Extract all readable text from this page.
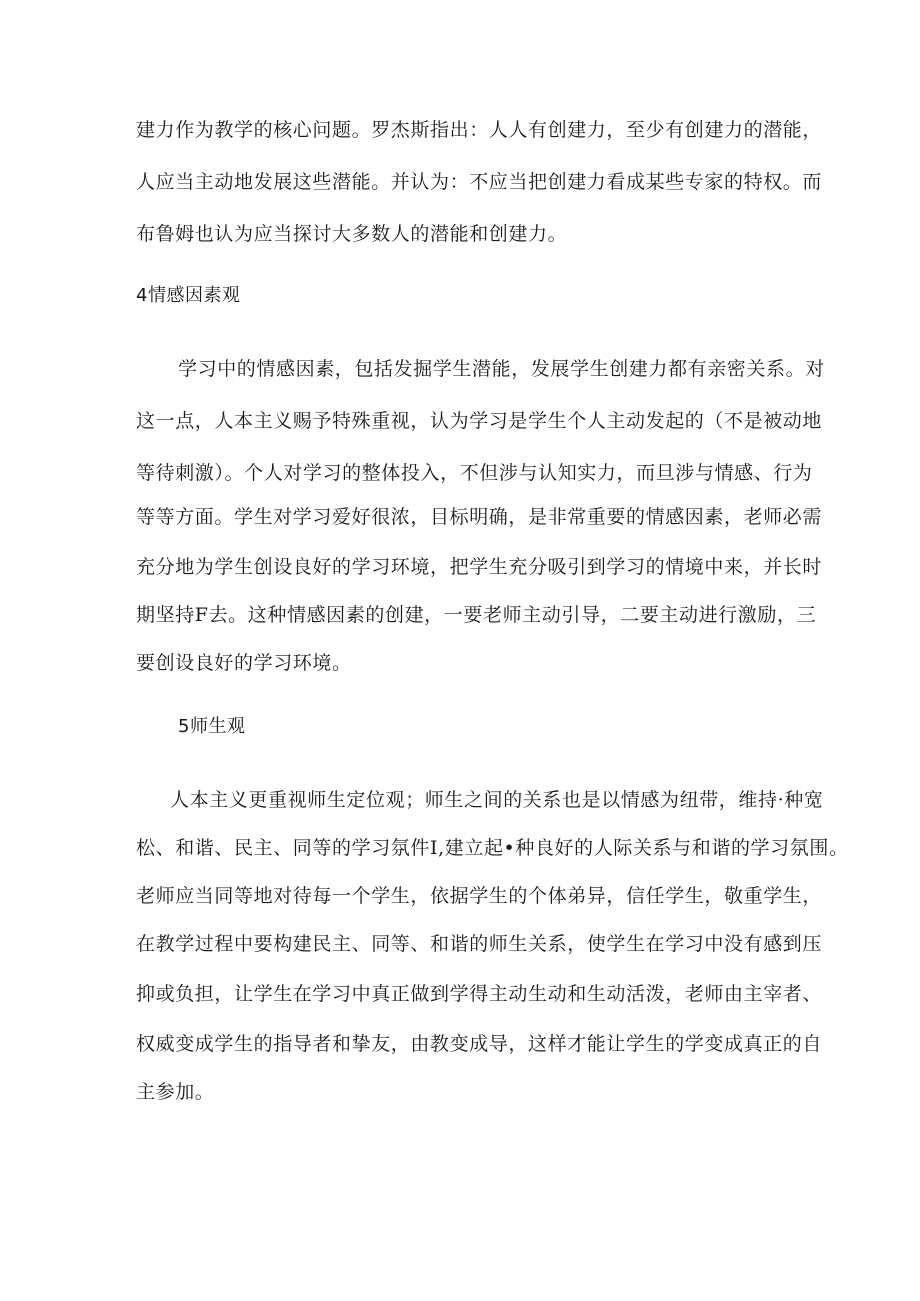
建力作为教学的核心问题。罗杰斯指出：人人有创建力，至少有创建力的潜能，
人应当主动地发展这些潜能。并认为：不应当把创建力看成某些专家的特权。而
布鲁姆也认为应当探讨大多数人的潜能和创建力。
4情感因素观
学习中的情感因素，包括发掘学生潜能，发展学生创建力都有亲密关系。对
这一点，人本主义赐予特殊重视，认为学习是学生个人主动发起的（不是被动地
等待刺激）。个人对学习的整体投入，不但涉与认知实力，而旦涉与情感、行为
等等方面。学生对学习爱好很浓，目标明确，是非常重要的情感因素，老师必需
充分地为学生创设良好的学习环境，把学生充分吸引到学习的情境中来，并长时
期坚持F去。这种情感因素的创建，一要老师主动引导，二要主动进行激励，三
要创设良好的学习环境。
5师生观
人本主义更重视师生定位观；师生之间的关系也是以情感为纽带，维持·种宽
松、和谐、民主、同等的学习氛件I,建立起•种良好的人际关系与和谐的学习氛围。
老师应当同等地对待每一个学生，依据学生的个体弟异，信任学生，敬重学生，
在教学过程中要构建民主、同等、和谐的师生关系，使学生在学习中没有感到压
抑或负担，让学生在学习中真正做到学得主动生动和生动活泼，老师由主宰者、
权威变成学生的指导者和挚友，由教变成导，这样才能让学生的学变成真正的自
主参加。
